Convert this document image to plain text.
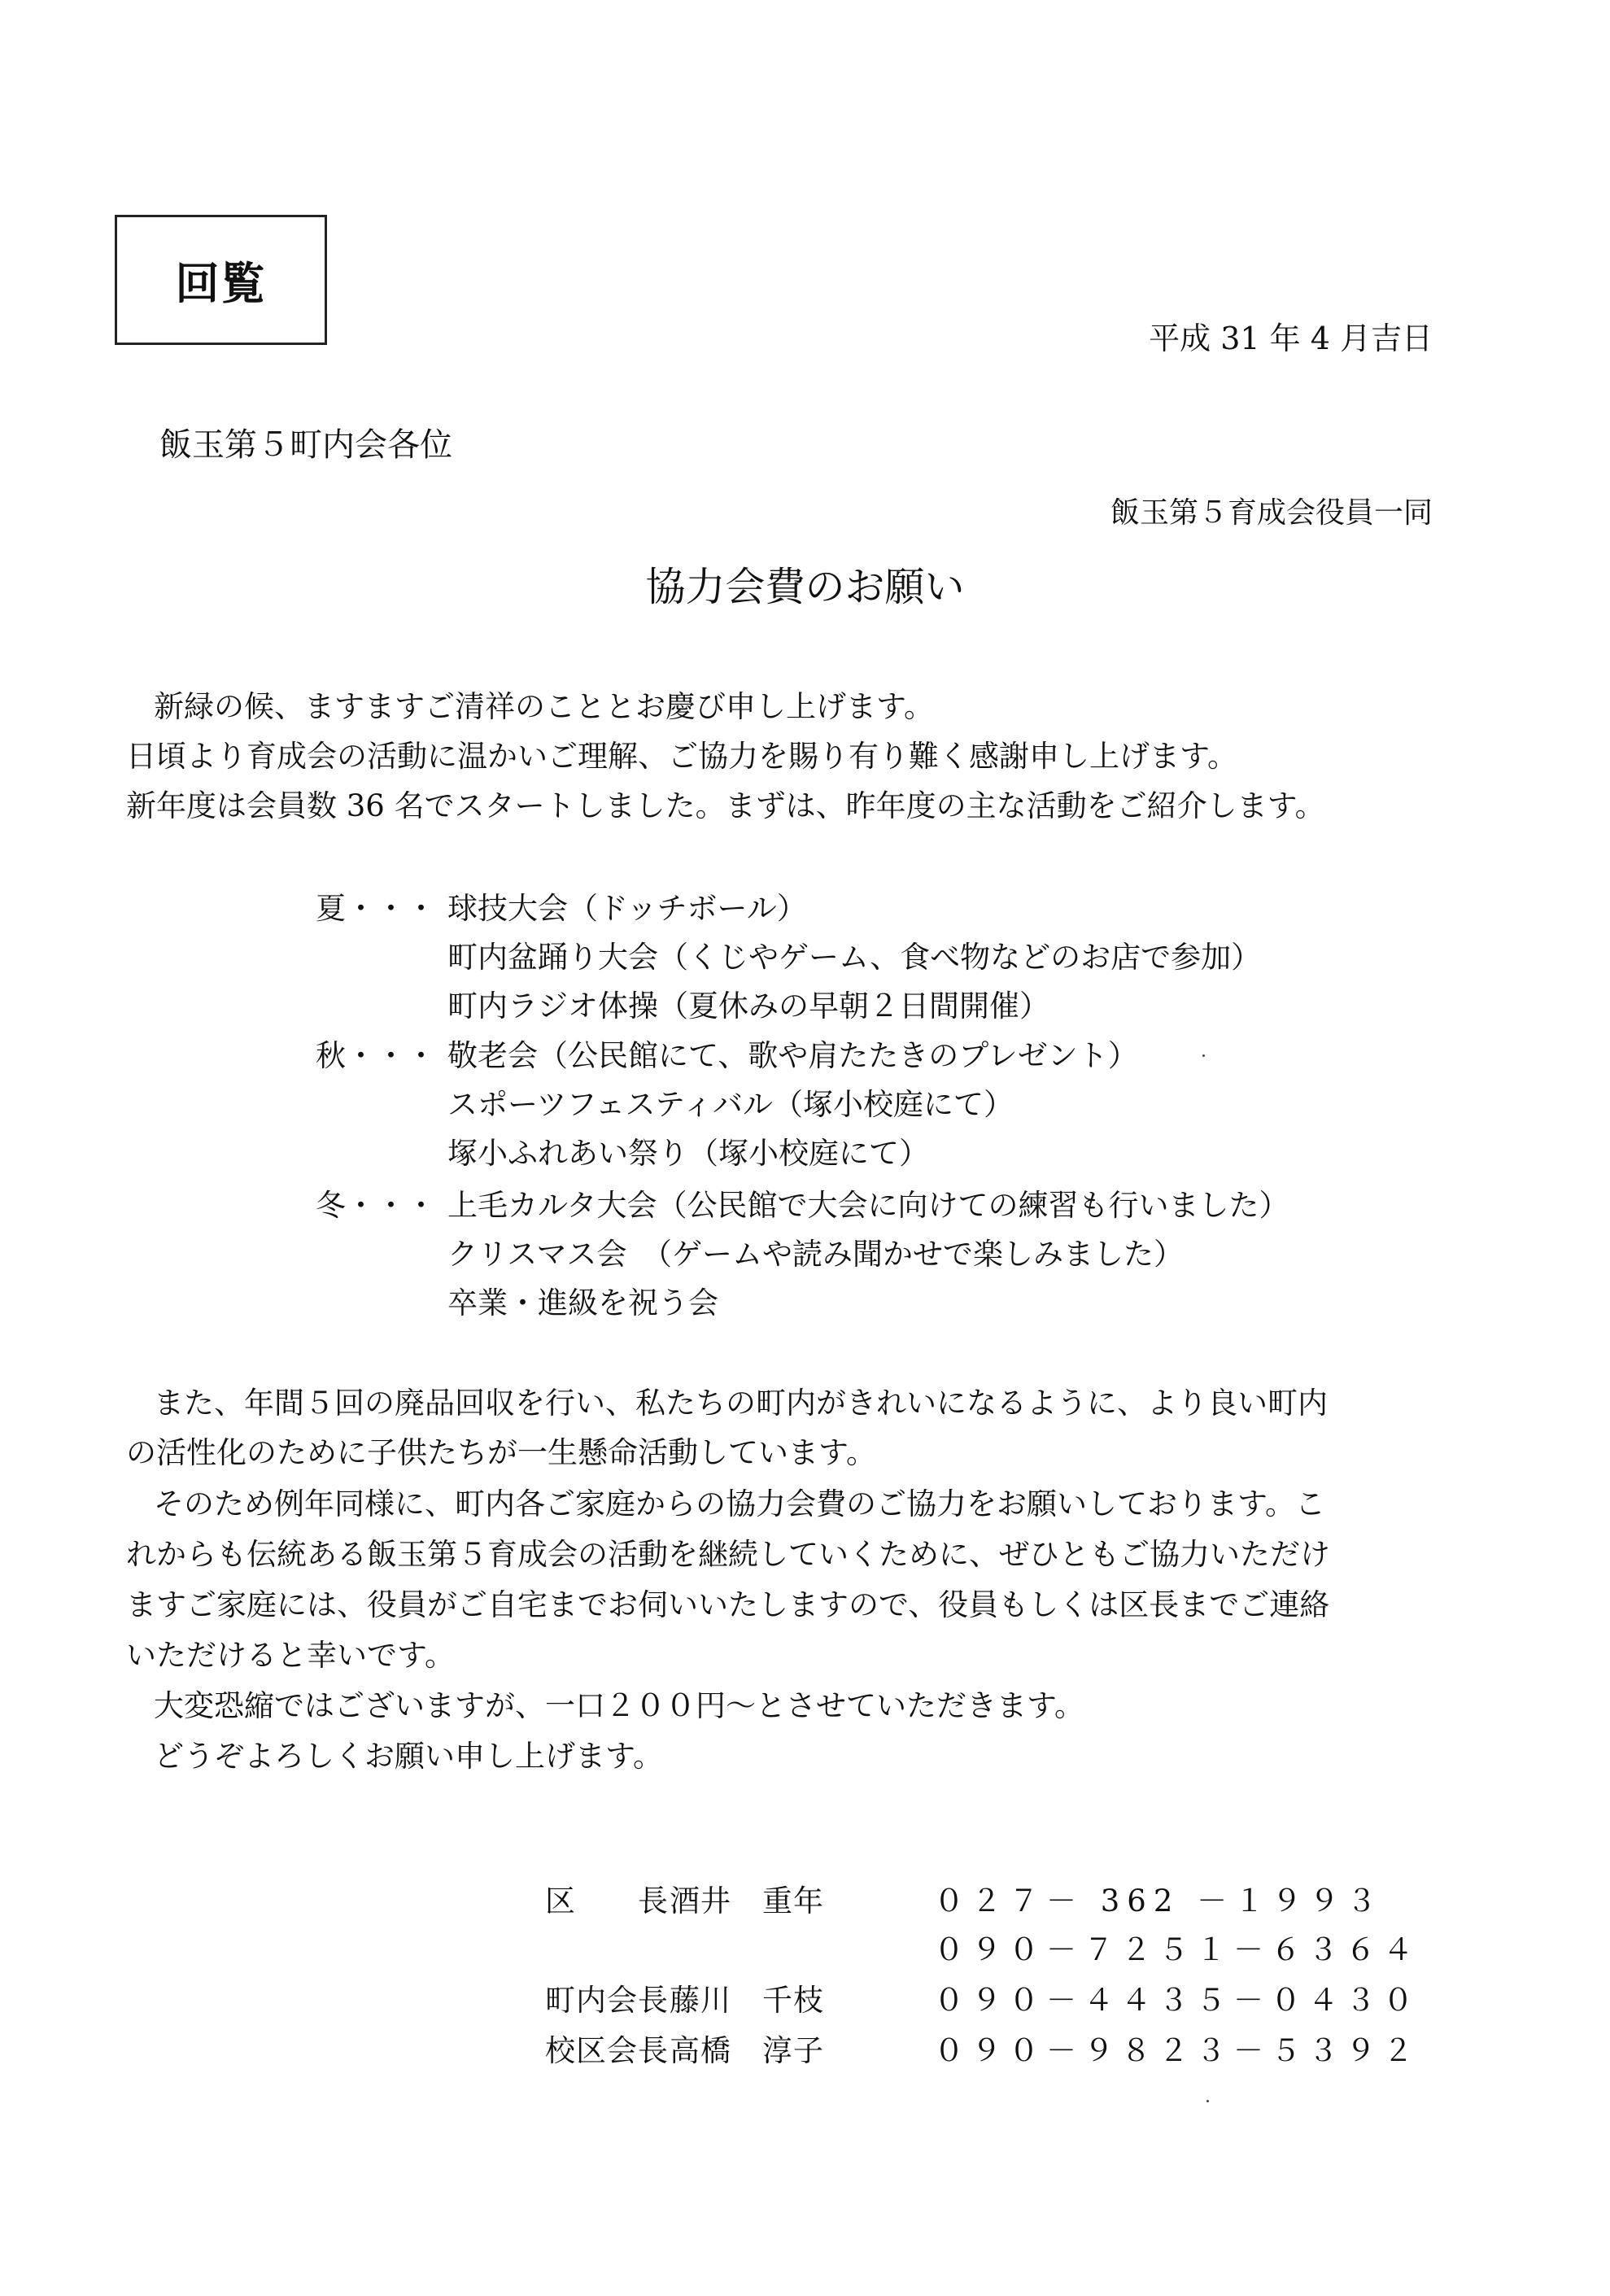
回覧
平成 31 年 4 月吉日
飯玉第５町内会各位
飯玉第５育成会役員一同
協力会費のお願い
新緑の候、ますますご清祥のこととお慶び申し上げます。
日頃より育成会の活動に温かいご理解、ご協力を賜り有り難く感謝申し上げます。
新年度は会員数 36 名でスタートしました。まずは、昨年度の主な活動をご紹介します。
夏・・・ 球技大会（ドッチボール）
町内盆踊り大会（くじやゲーム、食べ物などのお店で参加）
町内ラジオ体操（夏休みの早朝２日間開催）
秋・・・ 敬老会（公民館にて、歌や肩たたきのプレゼント）
スポーツフェスティバル（塚小校庭にて）
塚小ふれあい祭り（塚小校庭にて）
冬・・・ 上毛カルタ大会（公民館で大会に向けての練習も行いました）
クリスマス会　（ゲームや読み聞かせで楽しみました）
卒業・進級を祝う会
また、年間５回の廃品回収を行い、私たちの町内がきれいになるように、より良い町内
の活性化のために子供たちが一生懸命活動しています。
そのため例年同様に、町内各ご家庭からの協力会費のご協力をお願いしております。こ
れからも伝統ある飯玉第５育成会の活動を継続していくために、ぜひともご協力いただけ
ますご家庭には、役員がご自宅までお伺いいたしますので、役員もしくは区長までご連絡
いただけると幸いです。
大変恐縮ではございますが、一口２００円～とさせていただきます。
どうぞよろしくお願い申し上げます。
区　　長 酒井　重年	０２７－ 362 －１９９３
０９０－７２５１－６３６４
町内会長 藤川　千枝	０９０－４４３５－０４３０
校区会長 高橋　淳子	０９０－９８２３－５３９２
